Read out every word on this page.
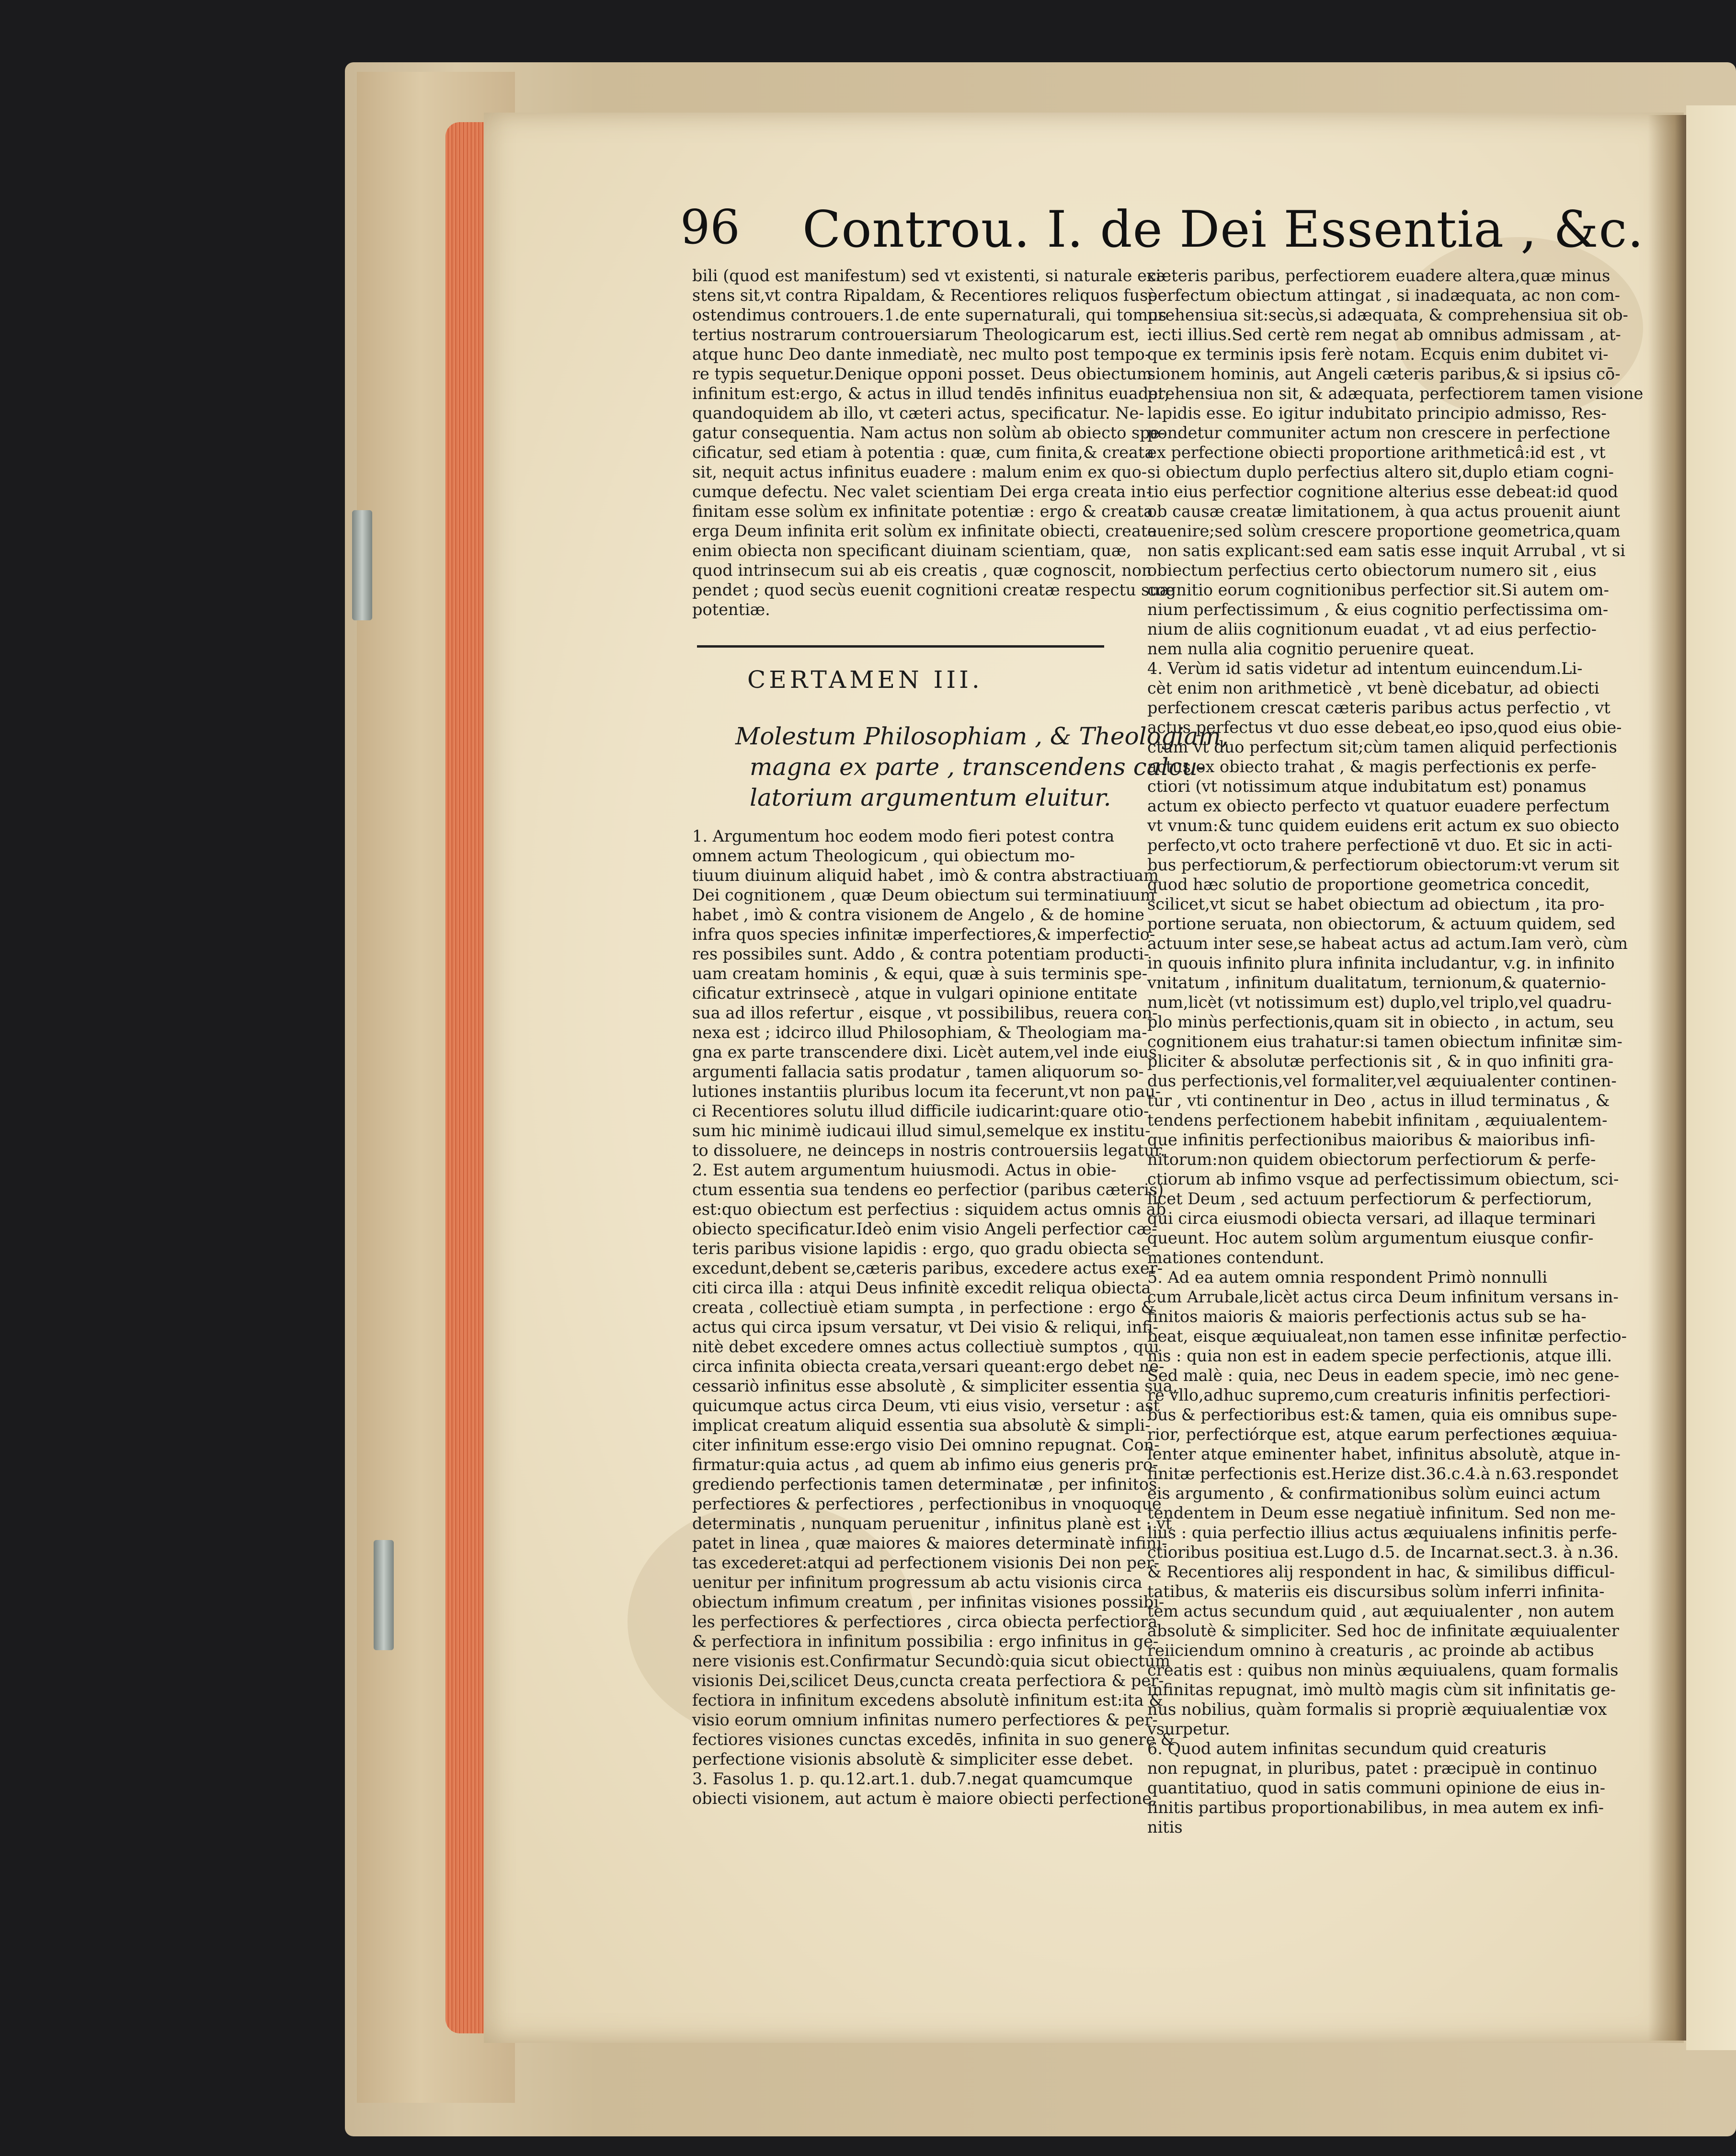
96 Controu. I. de Dei Essentia , &c.
bili (quod est manifestum) sed vt existenti, si naturale exi-
stens sit,vt contra Ripaldam, & Recentiores reliquos fusè
ostendimus controuers.1.de ente supernaturali, qui tomus
tertius nostrarum controuersiarum Theologicarum est,
atque hunc Deo dante inmediatè, nec multo post tempo-
re typis sequetur.Denique opponi posset. Deus obiectum
infinitum est:ergo, & actus in illud tendēs infinitus euadet,
quandoquidem ab illo, vt cæteri actus, specificatur. Ne-
gatur consequentia. Nam actus non solùm ab obiecto spe-
cificatur, sed etiam à potentia : quæ, cum finita,& creata
sit, nequit actus infinitus euadere : malum enim ex quo-
cumque defectu. Nec valet scientiam Dei erga creata in-
finitam esse solùm ex infinitate potentiæ : ergo & creata
erga Deum infinita erit solùm ex infinitate obiecti, creata
enim obiecta non specificant diuinam scientiam, quæ,
quod intrinsecum sui ab eis creatis , quæ cognoscit, non
pendet ; quod secùs euenit cognitioni creatæ respectu suæ
potentiæ.
CERTAMEN III.
Molestum Philosophiam , & Theologiam,
magna ex parte , transcendens calcu-
latorium argumentum eluitur.
1. Argumentum hoc eodem modo fieri potest contra
omnem actum Theologicum , qui obiectum mo-
tiuum diuinum aliquid habet , imò & contra abstractiuam
Dei cognitionem , quæ Deum obiectum sui terminatiuum
habet , imò & contra visionem de Angelo , & de homine
infra quos species infinitæ imperfectiores,& imperfectio-
res possibiles sunt. Addo , & contra potentiam producti-
uam creatam hominis , & equi, quæ à suis terminis spe-
cificatur extrinsecè , atque in vulgari opinione entitate
sua ad illos refertur , eisque , vt possibilibus, reuera con-
nexa est ; idcirco illud Philosophiam, & Theologiam ma-
gna ex parte transcendere dixi. Licèt autem,vel inde eius
argumenti fallacia satis prodatur , tamen aliquorum so-
lutiones instantiis pluribus locum ita fecerunt,vt non pau-
ci Recentiores solutu illud difficile iudicarint:quare otio-
sum hic minimè iudicaui illud simul,semelque ex institu-
to dissoluere, ne deinceps in nostris controuersiis legatur.
2. Est autem argumentum huiusmodi. Actus in obie-
ctum essentia sua tendens eo perfectior (paribus cæteris)
est:quo obiectum est perfectius : siquidem actus omnis ab
obiecto specificatur.Ideò enim visio Angeli perfectior cæ-
teris paribus visione lapidis : ergo, quo gradu obiecta se
excedunt,debent se,cæteris paribus, excedere actus exer-
citi circa illa : atqui Deus infinitè excedit reliqua obiecta
creata , collectiuè etiam sumpta , in perfectione : ergo &
actus qui circa ipsum versatur, vt Dei visio & reliqui, infi-
nitè debet excedere omnes actus collectiuè sumptos , qui
circa infinita obiecta creata,versari queant:ergo debet ne-
cessariò infinitus esse absolutè , & simpliciter essentia sua,
quicumque actus circa Deum, vti eius visio, versetur : ast
implicat creatum aliquid essentia sua absolutè & simpli-
citer infinitum esse:ergo visio Dei omnino repugnat. Con-
firmatur:quia actus , ad quem ab infimo eius generis pro-
grediendo perfectionis tamen determinatæ , per infinitos
perfectiores & perfectiores , perfectionibus in vnoquoque
determinatis , nunquam peruenitur , infinitus planè est : vt
patet in linea , quæ maiores & maiores determinatè infini-
tas excederet:atqui ad perfectionem visionis Dei non per-
uenitur per infinitum progressum ab actu visionis circa
obiectum infimum creatum , per infinitas visiones possibi-
les perfectiores & perfectiores , circa obiecta perfectiora
& perfectiora in infinitum possibilia : ergo infinitus in ge-
nere visionis est.Confirmatur Secundò:quia sicut obiectum
visionis Dei,scilicet Deus,cuncta creata perfectiora & per-
fectiora in infinitum excedens absolutè infinitum est:ita &
visio eorum omnium infinitas numero perfectiores & per-
fectiores visiones cunctas excedēs, infinita in suo genere &
perfectione visionis absolutè & simpliciter esse debet.
3. Fasolus 1. p. qu.12.art.1. dub.7.negat quamcumque
obiecti visionem, aut actum è maiore obiecti perfectione,
cæteris paribus, perfectiorem euadere altera,quæ minus
perfectum obiectum attingat , si inadæquata, ac non com-
prehensiua sit:secùs,si adæquata, & comprehensiua sit ob-
iecti illius.Sed certè rem negat ab omnibus admissam , at-
que ex terminis ipsis ferè notam. Ecquis enim dubitet vi-
sionem hominis, aut Angeli cæteris paribus,& si ipsius cō-
prehensiua non sit, & adæquata, perfectiorem tamen visione
lapidis esse. Eo igitur indubitato principio admisso, Res-
pondetur communiter actum non crescere in perfectione
ex perfectione obiecti proportione arithmeticâ:id est , vt
si obiectum duplo perfectius altero sit,duplo etiam cogni-
tio eius perfectior cognitione alterius esse debeat:id quod
ob causæ creatæ limitationem, à qua actus prouenit aiunt
euenire;sed solùm crescere proportione geometrica,quam
non satis explicant:sed eam satis esse inquit Arrubal , vt si
obiectum perfectius certo obiectorum numero sit , eius
cognitio eorum cognitionibus perfectior sit.Si autem om-
nium perfectissimum , & eius cognitio perfectissima om-
nium de aliis cognitionum euadat , vt ad eius perfectio-
nem nulla alia cognitio peruenire queat.
4. Verùm id satis videtur ad intentum euincendum.Li-
cèt enim non arithmeticè , vt benè dicebatur, ad obiecti
perfectionem crescat cæteris paribus actus perfectio , vt
actus perfectus vt duo esse debeat,eo ipso,quod eius obie-
ctum vt duo perfectum sit;cùm tamen aliquid perfectionis
actus ex obiecto trahat , & magis perfectionis ex perfe-
ctiori (vt notissimum atque indubitatum est) ponamus
actum ex obiecto perfecto vt quatuor euadere perfectum
vt vnum:& tunc quidem euidens erit actum ex suo obiecto
perfecto,vt octo trahere perfectionē vt duo. Et sic in acti-
bus perfectiorum,& perfectiorum obiectorum:vt verum sit
quod hæc solutio de proportione geometrica concedit,
scilicet,vt sicut se habet obiectum ad obiectum , ita pro-
portione seruata, non obiectorum, & actuum quidem, sed
actuum inter sese,se habeat actus ad actum.Iam verò, cùm
in quouis infinito plura infinita includantur, v.g. in infinito
vnitatum , infinitum dualitatum, ternionum,& quaternio-
num,licèt (vt notissimum est) duplo,vel triplo,vel quadru-
plo minùs perfectionis,quam sit in obiecto , in actum, seu
cognitionem eius trahatur:si tamen obiectum infinitæ sim-
pliciter & absolutæ perfectionis sit , & in quo infiniti gra-
dus perfectionis,vel formaliter,vel æquiualenter continen-
tur , vti continentur in Deo , actus in illud terminatus , &
tendens perfectionem habebit infinitam , æquiualentem-
que infinitis perfectionibus maioribus & maioribus infi-
nitorum:non quidem obiectorum perfectiorum & perfe-
ctiorum ab infimo vsque ad perfectissimum obiectum, sci-
licet Deum , sed actuum perfectiorum & perfectiorum,
qui circa eiusmodi obiecta versari, ad illaque terminari
queunt. Hoc autem solùm argumentum eiusque confir-
mationes contendunt.
5. Ad ea autem omnia respondent Primò nonnulli
cum Arrubale,licèt actus circa Deum infinitum versans in-
finitos maioris & maioris perfectionis actus sub se ha-
beat, eisque æquiualeat,non tamen esse infinitæ perfectio-
nis : quia non est in eadem specie perfectionis, atque illi.
Sed malè : quia, nec Deus in eadem specie, imò nec gene-
re vllo,adhuc supremo,cum creaturis infinitis perfectiori-
bus & perfectioribus est:& tamen, quia eis omnibus supe-
rior, perfectiórque est, atque earum perfectiones æquiua-
lenter atque eminenter habet, infinitus absolutè, atque in-
finitæ perfectionis est.Herize dist.36.c.4.à n.63.respondet
eis argumento , & confirmationibus solùm euinci actum
tendentem in Deum esse negatiuè infinitum. Sed non me-
lius : quia perfectio illius actus æquiualens infinitis perfe-
ctioribus positiua est.Lugo d.5. de Incarnat.sect.3. à n.36.
& Recentiores alij respondent in hac, & similibus difficul-
tatibus, & materiis eis discursibus solùm inferri infinita-
tem actus secundum quid , aut æquiualenter , non autem
absolutè & simpliciter. Sed hoc de infinitate æquiualenter
reiiciendum omnino à creaturis , ac proinde ab actibus
creatis est : quibus non minùs æquiualens, quam formalis
infinitas repugnat, imò multò magis cùm sit infinitatis ge-
nus nobilius, quàm formalis si propriè æquiualentiæ vox
vsurpetur.
6. Quod autem infinitas secundum quid creaturis
non repugnat, in pluribus, patet : præcipuè in continuo
quantitatiuo, quod in satis communi opinione de eius in-
finitis partibus proportionabilibus, in mea autem ex infi-
nitis
